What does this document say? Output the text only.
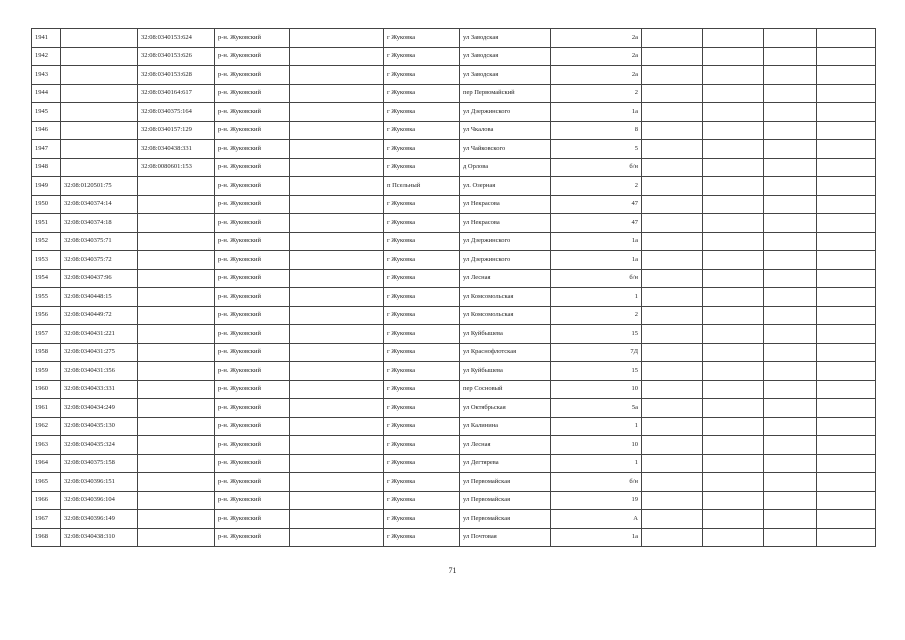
1941		32:08:0340153:624	р-н. Жуковский		г Жуковка	ул Заводская	2а				
1942		32:08:0340153:626	р-н. Жуковский		г Жуковка	ул Заводская	2а				
1943		32:08:0340153:628	р-н. Жуковский		г Жуковка	ул Заводская	2а				
1944		32:08:0340164:617	р-н. Жуковский		г Жуковка	пер Первомайский	2				
1945		32:08:0340375:164	р-н. Жуковский		г Жуковка	ул Дзержинского	1а				
1946		32:08:0340157:129	р-н. Жуковский		г Жуковка	ул Чкалова	8				
1947		32:08:0340438:331	р-н. Жуковский		г Жуковка	ул Чайковского	5				
1948		32:08:0080601:153	р-н. Жуковский		г Жуковка	д Орлова	б/н				
1949	32:08:0120501:75		р-н. Жуковский		п Псельный	ул. Озерная	2				
1950	32:08:0340374:14		р-н. Жуковский		г Жуковка	ул Некрасова	47				
1951	32:08:0340374:18		р-н. Жуковский		г Жуковка	ул Некрасова	47				
1952	32:08:0340375:71		р-н. Жуковский		г Жуковка	ул Дзержинского	1а				
1953	32:08:0340375:72		р-н. Жуковский		г Жуковка	ул Дзержинского	1а				
1954	32:08:0340437:96		р-н. Жуковский		г Жуковка	ул Лесная	б/н				
1955	32:08:0340448:15		р-н. Жуковский		г Жуковка	ул Комсомольская	1				
1956	32:08:0340449:72		р-н. Жуковский		г Жуковка	ул Комсомольская	2				
1957	32:08:0340431:221		р-н. Жуковский		г Жуковка	ул Куйбышева	15				
1958	32:08:0340431:275		р-н. Жуковский		г Жуковка	ул Краснофлотская	7Д				
1959	32:08:0340431:356		р-н. Жуковский		г Жуковка	ул Куйбышева	15				
1960	32:08:0340433:331		р-н. Жуковский		г Жуковка	пер Сосновый	10				
1961	32:08:0340434:249		р-н. Жуковский		г Жуковка	ул Октябрьская	5а				
1962	32:08:0340435:130		р-н. Жуковский		г Жуковка	ул Калинина	1				
1963	32:08:0340435:324		р-н. Жуковский		г Жуковка	ул Лесная	10				
1964	32:08:0340375:158		р-н. Жуковский		г Жуковка	ул Дегтярева	1				
1965	32:08:0340396:151		р-н. Жуковский		г Жуковка	ул Первомайская	б/н				
1966	32:08:0340396:104		р-н. Жуковский		г Жуковка	ул Первомайская	19				
1967	32:08:0340396:149		р-н. Жуковский		г Жуковка	ул Первомайская	А				
1968	32:08:0340438:310		р-н. Жуковский		г Жуковка	ул Почтовая	1а				
71
